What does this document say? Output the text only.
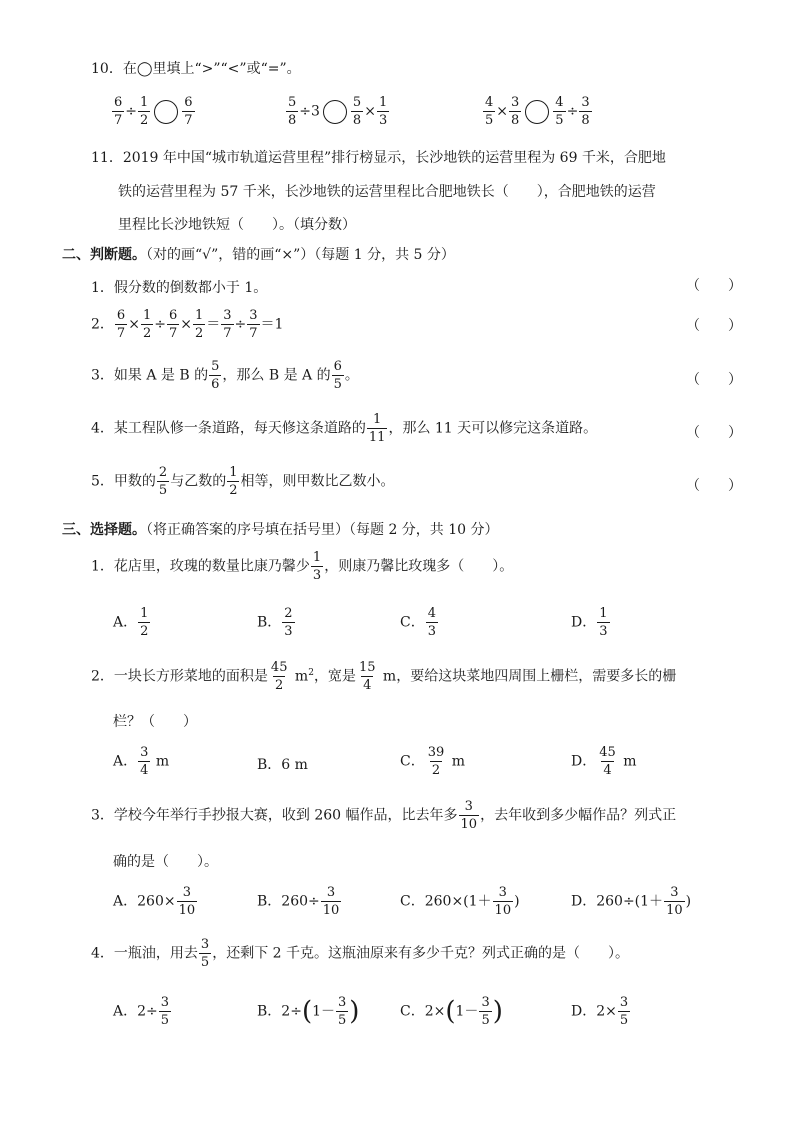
10．在◯里填上“>”“<”或“=”。
$\frac{6}{7} \div \frac{1}{2} \frac{6}{7}$	$\frac{5}{8} \div 3 \frac{5}{8} \times \frac{1}{3}$	$\frac{4}{5} \times \frac{3}{8} \frac{4}{5} \div \frac{3}{8}$
11．2019 年中国“城市轨道运营里程”排行榜显示，长沙地铁的运营里程为 69 千米，合肥地
铁的运营里程为 57 千米，长沙地铁的运营里程比合肥地铁长（　　），合肥地铁的运营
里程比长沙地铁短（　　）。（填分数）
二、判断题。（对的画“√”，错的画“×”）（每题 1 分，共 5 分）
1．假分数的倒数都小于 1。	（　　）
2． $\frac{6}{7} \times \frac{1}{2} \div \frac{6}{7} \times \frac{1}{2} = \frac{3}{7} \div \frac{3}{7} =1$	（　　）
3．如果 A 是 B 的 $\frac{5}{6}$ ，那么 B 是 A 的 $\frac{6}{5}$ 。	（　　）
4．某工程队修一条道路，每天修这条道路的 $\frac{1}{11}$ ，那么 11 天可以修完这条道路。	（　　）
5．甲数的 $\frac{2}{5}$ 与乙数的 $\frac{1}{2}$ 相等，则甲数比乙数小。	（　　）
三、选择题。（将正确答案的序号填在括号里）（每题 2 分，共 10 分）
1．花店里，玫瑰的数量比康乃馨少 $\frac{1}{3}$ ，则康乃馨比玫瑰多（　　）。
A． $\frac{1}{2}$	B． $\frac{2}{3}$	C． $\frac{4}{3}$	D． $\frac{1}{3}$
2．一块长方形菜地的面积是 $\frac{45}{2} m^2$，宽是 $\frac{15}{4}$ m，要给这块菜地四周围上栅栏，需要多长的栅
栏？（　　）
A． $\frac{3}{4}$ m	B．6 m	C． $\frac{39}{2}$ m	D． $\frac{45}{4}$ m
3．学校今年举行手抄报大赛，收到 260 幅作品，比去年多 $\frac{3}{10}$ ，去年收到多少幅作品？列式正
确的是（　　）。
A．$260\times \frac{3}{10}$	B．$260\div \frac{3}{10}$	C．$260\times(1+ \frac{3}{10}$ )	D．$260\div(1+ \frac{3}{10}$ )
4．一瓶油，用去 $\frac{3}{5}$ ，还剩下 2 千克。这瓶油原来有多少千克？列式正确的是（　　）。
A．$2\div \frac{3}{5}$	B．$2\div(1- \frac{3}{5}$ )	C．$2\times(1- \frac{3}{5}$ )	D．$2\times \frac{3}{5}$
